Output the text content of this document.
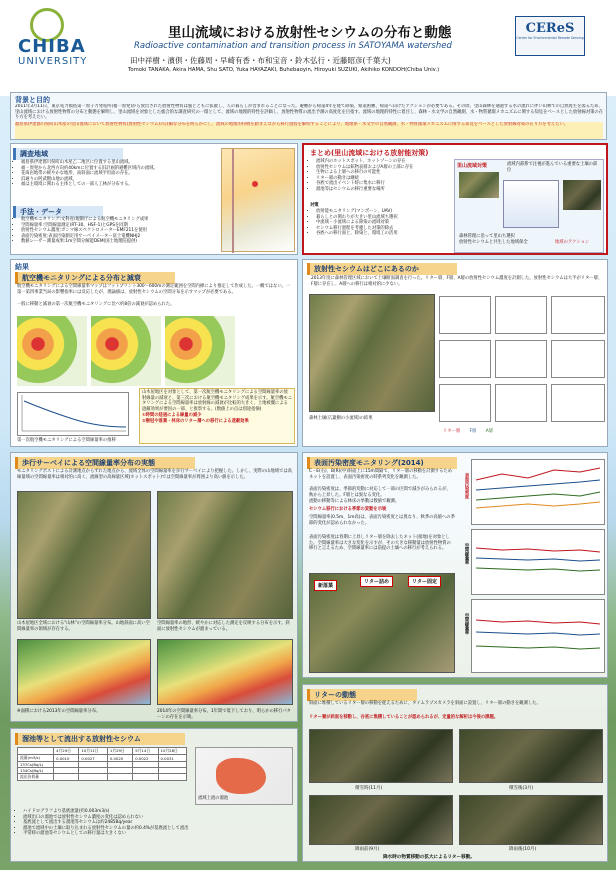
CHIBA
UNIVERSITY
里山流域における放射性セシウムの分布と動態
Radioactive contamination and transition process in SATOYAMA watershed
田中祥樹・濱倶・佐藤周・早崎有香・布和宝音・鈴木弘行・近藤昭彦(千葉大)
Tomoki TANAKA, Akira HAMA, Shu SATO, Yuka HAYAZAKI, Buhebaoyin, Hiroyuki SUZUKI, Akihiko KONDOH(Chiba Univ.)
CEReS
Center for Environmental Remote Sensing
背景と目的
2011年3月11日、東京電力福島第一原子力発電所(福一原発)から放出された放射性物質は風とともに拡散し、人の暮らしが営まれることになった。避難から帰還4年を経て除染、帰還困難、帰還へ向けたアクションが必要である。その際、里山森林を通過する水の流れに伴い山林での自然再生を図るため、里山流域における放射性物質の分布と動態を解明し、里山流域を対象とした総合的な調査研究の一環として、流域の地理的特性を評価し、放射性物質の流出予測の高度化を目指す。流域の地理的特性に着目し、森林・水文学の自然観測、水・物質循環メカニズムに関する知見をベースとした放射線対策の在り方を考えたい。
福島県伊達郡川俣町山木屋の里山流域において放射性物質(放射性セシウム)の詳細な分布を明らかにし、流域の地理的特徴を踏まえながら移行過程を解明することにより、地理系・水文学の自然観測、水・物質循環メカニズムに関する知見をベースとした放射線対策の在り方を考えたい。
調査地域
• 福島県伊達郡川俣町山木屋乙二地区に位置する里山流域。
• 福一原発から北西方向約40kmに位置する旧計画的避難区域内の流域。
• 花崗岩地帯の緩やかな地形、南斜面に流域平坦面の存在。
• 浜通りの阿武隈山地の流域。
• 福は主環境に関わる主体としての一部人工林が分布する。
手法・データ
• 航空機モニタリング:文科省/規制庁による航空機モニタリング成果
• 空間線量率:空間線量測定(RT-30、HSF-1)とGPSを同期
• 放射性セシウム濃度:ガンマ線スペクトロメーターEMF211を使用
• 表面汚染密度:表面汚染測定用サーベイメーター富士電機NHJ2
• 数値レーザー測量成果:1m空間分解能DEM(国土地理院提供)
まとめ(里山流域における放射能対策)
• 流域内のホットスポット、ホットゾーンの存在
• 放射性セシウムは鉱物表層およびA層の上部に存在
• 生物による上層への移行の可能性
• リター層の動きは継続
• 谷底で流出イベント時に集水に移行
• 溜池等はセシウムの移行重要な場所
対策
• 放射能モニタリング(マンボーン、UAV)
• 暮らしとの関わりが大きい里山流域ち選択
• 中流域・小流域による除染の流域対策
• セシウム移行過程を考慮した対策的除去
• 谷底への移行面と、除染と、環境工の活用
里山流域対策	流域内部系で注視が進んでいる重要な土壌の部位
森林管理に沿って里山ち選択
放射性セシウムと共生した地域保全	地域のアクション
結果
航空機モニタリングによる分布と減衰
航空機モニタリングによる空間線量率マップはフットプリント300〜600mの測定範囲を空間内挿により推定して作成した。一概ではない。一第一第四事業当局の影響指率には反応したが、理論値は、放射性セシウムの空間分布を示すマップが必要である。
一般に移動と減衰の第一次航空機モニタリングに比べ約8倍の減衰が認められた。
第一次航空機モニタリングによる空間線量率の推移
山木屋地区を対象として、第一次航空機モニタリングによる空間線量率の放射線量の減衰と、第三次における航空機モニタリング成果を示す。航空機モニタリングによる空間線量率は放射線の減衰が比較的大きく、土地被覆による遮蔽効果が要因の一部、と推察する。(数値上の点は別途指摘)
①時間の経過による線量の減少
②樹冠や落葉・林床のリター層への移行による遮蔽効果
放射性セシウムはどこにあるのか
2013年度に森林管理区域において土壌断面調査を行った。リター層、F層、A層の放射性セシウム濃度を計測した。放射性セシウムは大半がリター層、F層に存在し、A層への移行は相対的に少ない。
森林土壌(広葉樹の小流域)の結果
リター層 F層 A層
歩行サーベイによる空間線量率分布の実態
モニタリングポストによる計測地点からずれた地点から、流域全体の空間線量率を歩行サーベイにより把握した。しかし、実際の山地域では高線量域の空間線量率は相対的に高く、流線型の高線量区域(ホットスポット)では空間線量率が周囲より高い値を示した。
山木屋地区全域における"山林"の空間線量率分布。山地斜面に高い空間線量率の領域が存在する。
空間線量率の地形、緩やかに対応した測定を反映する分布を示す。斜面に放射性セシウムが溜まっている。
※面積における2013年の空間線量率分布。	2014年の空間線量率分布。1年間で低下しており、明らかの移行パターンの存在を示唆。
溜池等として流出する放射性セシウム
	4月29日	10月11日	1月29日	5月14日	10月28日
流量(m3/s)	0.0010	0.0027	0.0020	0.0022	0.0031
137Cs(Bq/L)					
134Cs(Bq/L)					
流出負荷量					
流域上流の溜池
• ハイドログラフより基底流量(約0.003m3/s)
• 流域出口の溜池では放射性セシウム濃度の変化は認められない
• 基底流として流出する溜池等セシウムは約2485Bq/year
• 溜池で流域中の土壌に取り込まれる放射性セシウムの量の約0.4%が基底流として流出
• 平常時の溜池等セシウムとしての移行量は大きくない
表面汚染密度モニタリング(2014)
C・E(右)、B(R)(中)斜面上に15m間隔で、リター層の移動を計測するためネットを設置し、表面汚染密度の時系列変化を観測した。
表面汚染密度は、季節的変動に対応して一部の区間で減少がみられるが、秋から上昇した。F層とは異なる変化。
流動の移動等による林床の挙動は数値で観測。
セシウム移行における季節の変動を示唆
空間線量率(0.5m、1m高)は、表面汚染密度とは異なり、秋季の高値への季節的変化が認められなかった。
表面汚染密度は春期に上昇しリター層を除去したネット(接地)を対象とした。空間線量率は大きな変化を示すが、その大きな移動量は放射性物質の移行と言えるため、空間線量率には前提の土壌への移行が考えられる。
新落葉
リター詰め	リター固定
表面汚染密度
空間線量率
空間線量率
リターの動態
斜面に堆積しているリター層の移動を捉えるために、タイムラプスカメラを斜面に設置し、リター層の動きを観測した。
リター層が斜面を移動し、谷底に集積していることが認められるが、定量的な解析は今後の課題。
積雪時(11月)	積雪後(3月)
降雨前(9月)	降雨後(10月)
降水時の物質移動の拡大によるリター移動。
